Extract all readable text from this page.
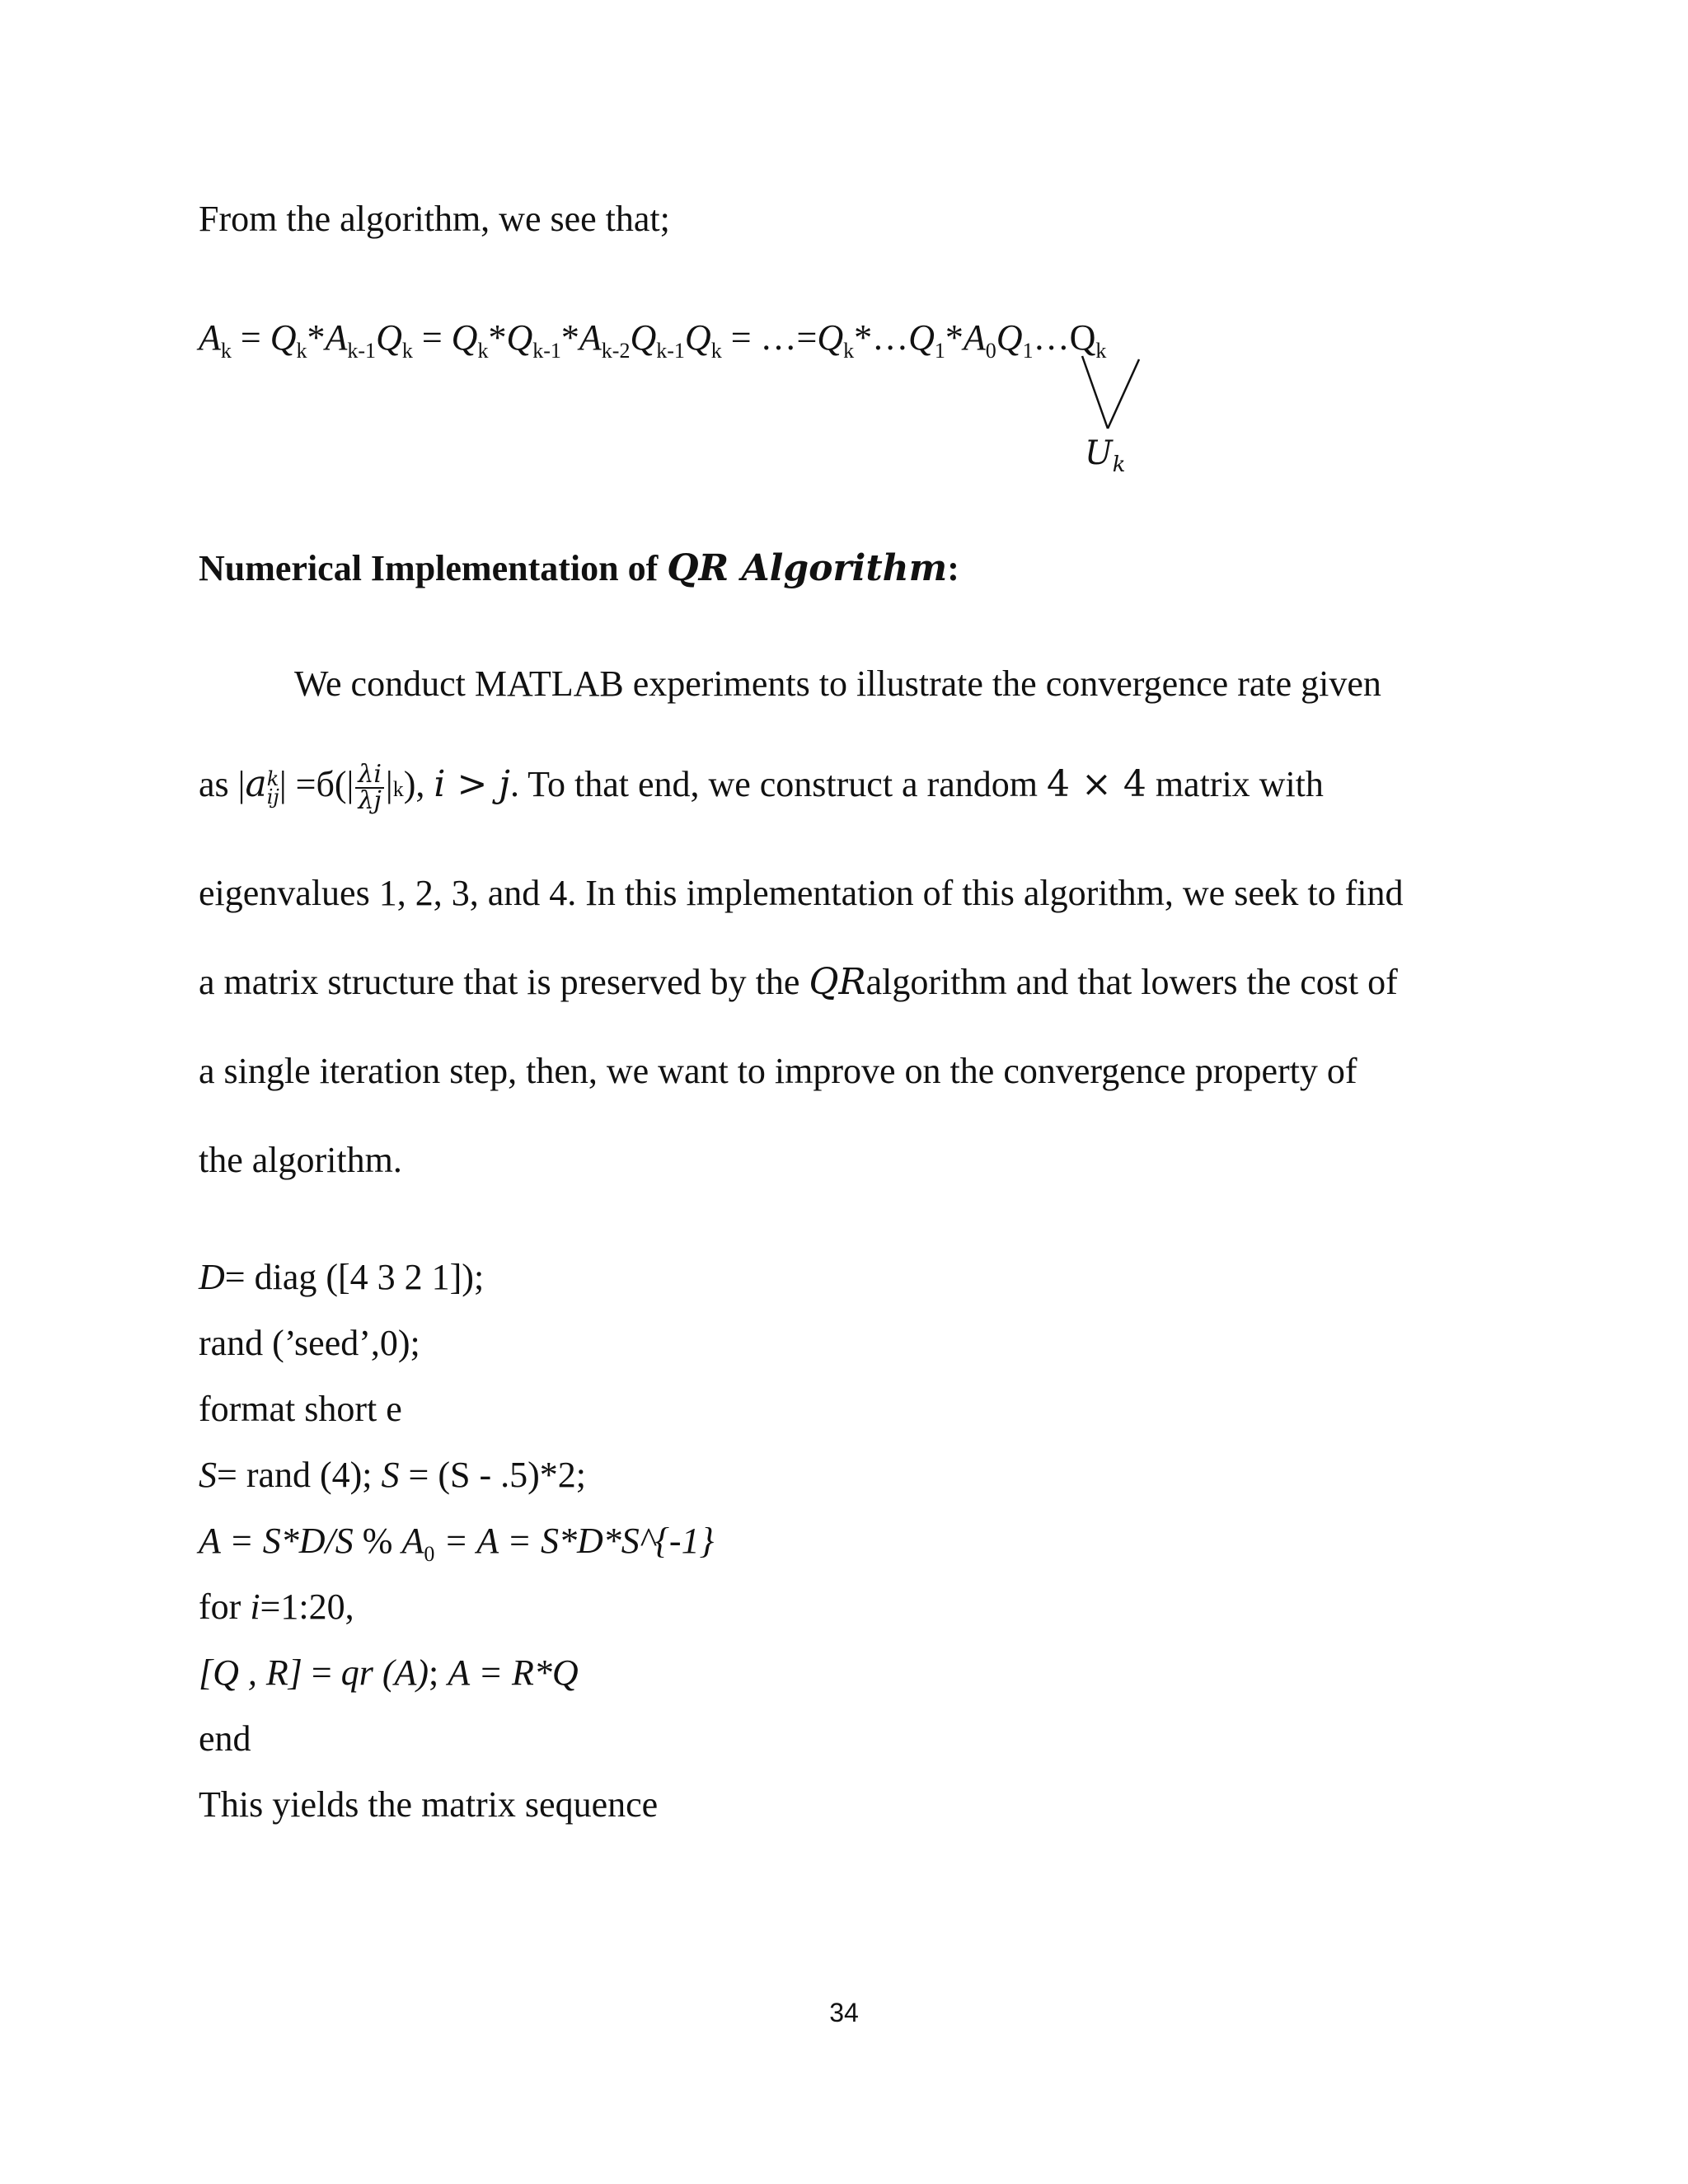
From the algorithm, we see that;
$A_k = Q_k*A_{k-1}Q_k = Q_k*Q_{k-1}*A_{k-2}Q_{k-1}Q_k$ = $\dots=Q_k*\dots Q_1*A_0Q_1\dots Q_k$
$U_k$
Numerical Implementation of QR Algorithm:
We conduct MATLAB experiments to illustrate the convergence rate given
as |a k
ij | $=б(| \frac{\lambda i}{\lambda j} |k)$, i > j. To that end, we construct a random 4 × 4 matrix with
eigenvalues 1, 2, 3, and 4. In this implementation of this algorithm, we seek to find
a matrix structure that is preserved by the QRalgorithm and that lowers the cost of
a single iteration step, then, we want to improve on the convergence property of
the algorithm.
D= diag ([4 3 2 1]);
rand (’seed’,0);
format short e
S= rand (4); S = (S - .5)*2;
A = S*D/S % $A_0 = A$ = S*D*S^{-1}
for i=1:20,
[Q , R] = qr (A); A = R*Q
end
This yields the matrix sequence
34
